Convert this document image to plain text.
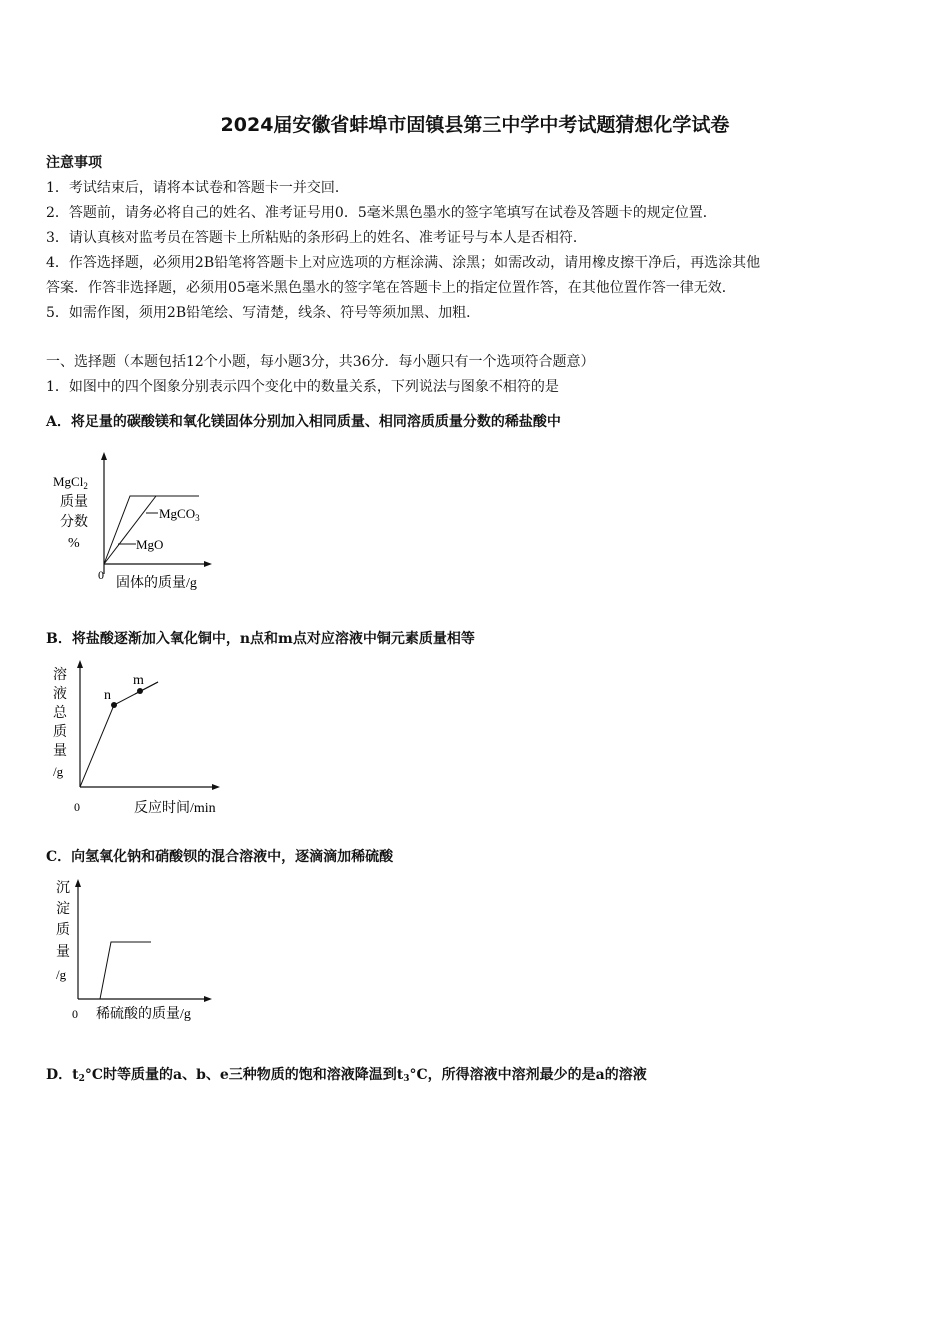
2024届安徽省蚌埠市固镇县第三中学中考试题猜想化学试卷
注意事项
1．考试结束后，请将本试卷和答题卡一并交回．
2．答题前，请务必将自己的姓名、准考证号用0．5毫米黑色墨水的签字笔填写在试卷及答题卡的规定位置．
3．请认真核对监考员在答题卡上所粘贴的条形码上的姓名、准考证号与本人是否相符．
4．作答选择题，必须用2B铅笔将答题卡上对应选项的方框涂满、涂黑；如需改动，请用橡皮擦干净后，再选涂其他
答案．作答非选择题，必须用05毫米黑色墨水的签字笔在答题卡上的指定位置作答，在其他位置作答一律无效．
5．如需作图，须用2B铅笔绘、写清楚，线条、符号等须加黑、加粗．
一、选择题（本题包括12个小题，每小题3分，共36分．每小题只有一个选项符合题意）
1．如图中的四个图象分别表示四个变化中的数量关系，下列说法与图象不相符的是
A．将足量的碳酸镁和氧化镁固体分别加入相同质量、相同溶质质量分数的稀盐酸中
MgCl$_2$
质量
分数
%
MgCO$_3$
MgO
0
固体的质量/g
B．将盐酸逐渐加入氧化铜中，n点和m点对应溶液中铜元素质量相等
n
m
溶
液
总
质
量
/g
0	反应时间/min
C．向氢氧化钠和硝酸钡的混合溶液中，逐滴滴加稀硫酸
沉
淀
质
量
/g
0 稀硫酸的质量/g
D．$t_2^\circ C$时等质量的a、b、e三种物质的饱和溶液降温到$t_3^\circ C$，所得溶液中溶剂最少的是a的溶液
